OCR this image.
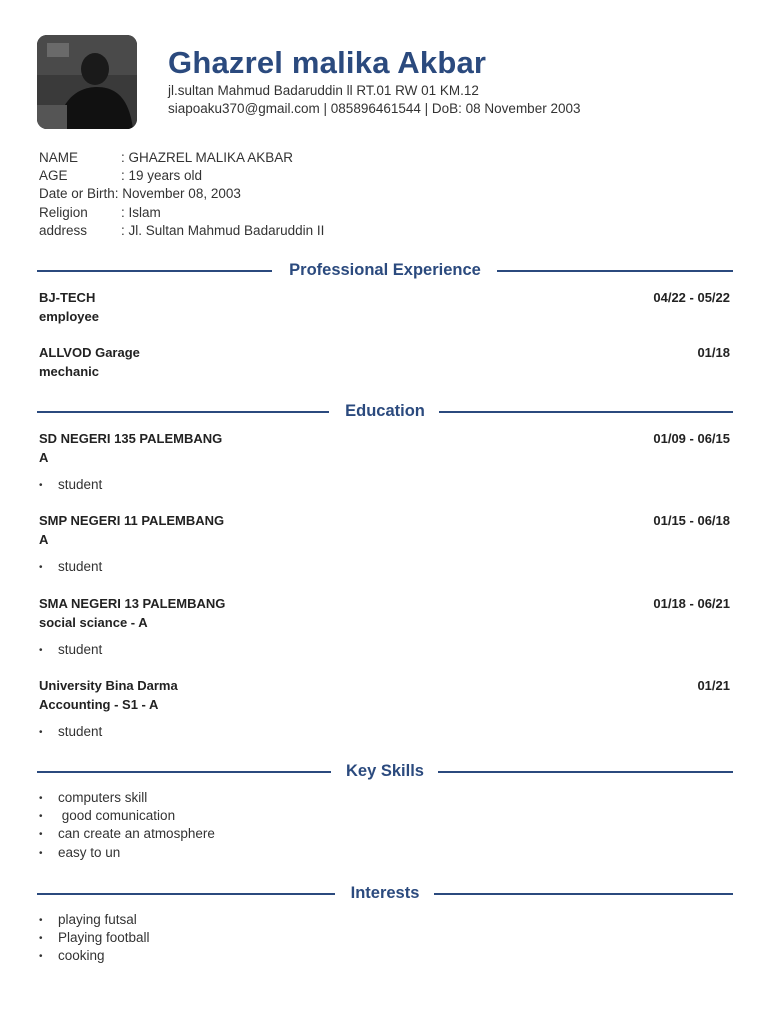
Ghazrel malika Akbar
jl.sultan Mahmud Badaruddin ll RT.01 RW 01 KM.12
siapoaku370@gmail.com | 085896461544 | DoB: 08 November 2003
NAME	: GHAZREL MALIKA AKBAR
AGE	: 19 years old
Date or Birth: November 08, 2003
Religion : Islam
address	: Jl. Sultan Mahmud Badaruddin II
Professional Experience
BJ-TECH
employee
04/22 - 05/22
ALLVOD Garage
mechanic
01/18
Education
SD NEGERI 135 PALEMBANG
A
01/09 - 06/15
• student
SMP NEGERI 11 PALEMBANG
A
01/15 - 06/18
• student
SMA NEGERI 13 PALEMBANG
social sciance - A
01/18 - 06/21
• student
University Bina Darma
Accounting - S1 - A
01/21
• student
Key Skills
• computers skill
• good comunication
• can create an atmosphere
• easy to un
Interests
• playing futsal
• Playing football
• cooking
